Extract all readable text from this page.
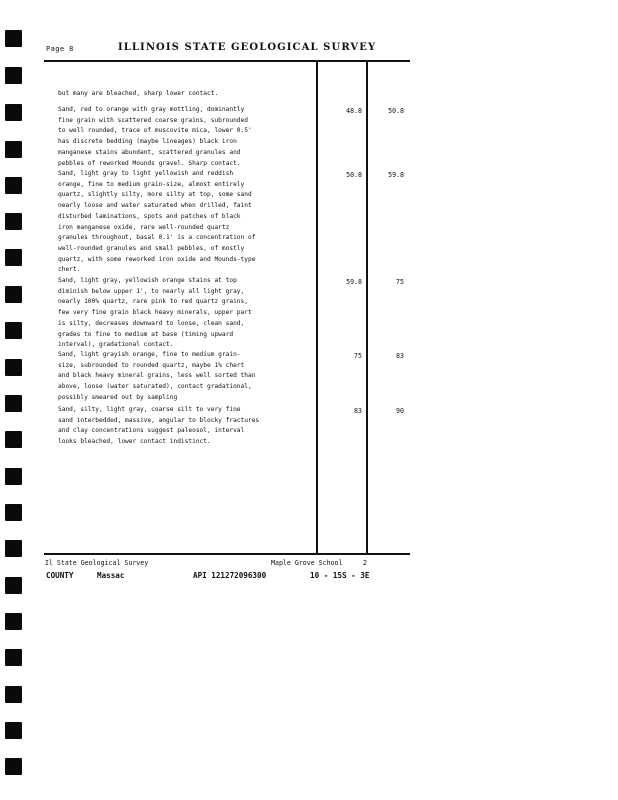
Page 8	ILLINOIS STATE GEOLOGICAL SURVEY

but many are bleached, sharp lower contact.

Sand, red to orange with gray mottling, dominantly
fine grain with scattered coarse grains, subrounded
to well rounded, trace of muscovite mica, lower 0.5'
has discrete bedding (maybe lineages) black iron
manganese stains abundant, scattered granules and
pebbles of reworked Mounds gravel. Sharp contact.

48.8	50.8

Sand, light gray to light yellowish and reddish
orange, fine to medium grain-size, almost entirely
quartz, slightly silty, more silty at top, some sand
nearly loose and water saturated when drilled, faint
disturbed laminations, spots and patches of black
iron manganese oxide, rare well-rounded quartz
granules throughout, basal 0.1' is a concentration of
well-rounded granules and small pebbles, of mostly
quartz, with some reworked iron oxide and Mounds-type
chert.

50.8	59.8

Sand, light gray, yellowish orange stains at top
diminish below upper 1', to nearly all light gray,
nearly 100% quartz, rare pink to red quartz grains,
few very fine grain black heavy minerals, upper part
is silty, decreases downward to loose, clean sand,
grades to fine to medium at base (timing upward
interval), gradational contact.

59.8	75

Sand, light grayish orange, fine to medium grain-
size, subrounded to rounded quartz, maybe 1% chert
and black heavy mineral grains, less well sorted than
above, loose (water saturated), contact gradational,
possibly smeared out by sampling

75	83

Sand, silty, light gray, coarse silt to very fine
sand interbedded, massive, angular to blocky fractures
and clay concentrations suggest paleosol, interval
looks bleached, lower contact indistinct.

83	90
Il State Geological Survey	Maple Grove School	2
COUNTY	Massac	API 121272096300	10 - 15S - 3E
